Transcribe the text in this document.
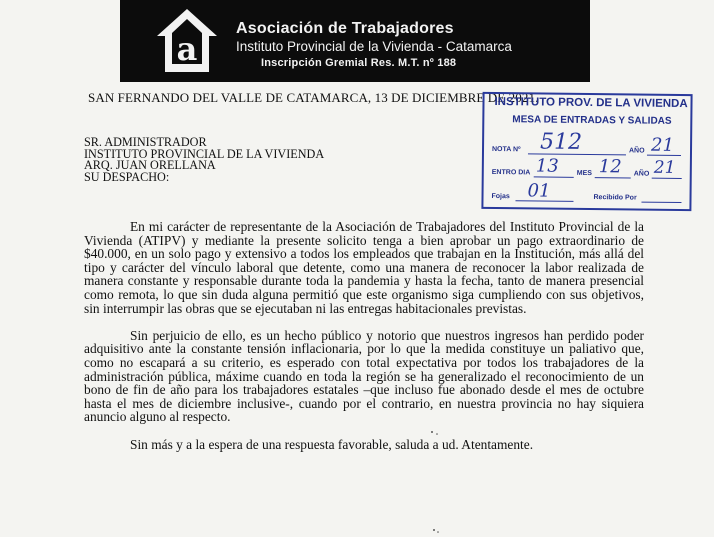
a
Asociación de Trabajadores
Instituto Provincial de la Vivienda - Catamarca
Inscripción Gremial Res. M.T. nº 188
SAN FERNANDO DEL VALLE DE CATAMARCA, 13 DE DICIEMBRE DE 2021.
SR. ADMINISTRADOR
INSTITUTO PROVINCIAL DE LA VIVIENDA
ARQ. JUAN ORELLANA
SU DESPACHO:
INSTITUTO PROV. DE LA VIVIENDA
MESA DE ENTRADAS Y SALIDAS
NOTA Nº 512	AÑO 21
ENTRO DIA 13	MES 12 AÑO 21
Fojas 01	Recibido Por

En mi carácter de representante de la Asociación de Trabajadores del Instituto Provincial de la Vivienda (ATIPV) y mediante la presente solicito tenga a bien aprobar un pago extraordinario de $40.000, en un solo pago y extensivo a todos los empleados que trabajan en la Institución, más allá del tipo y carácter del vínculo laboral que detente, como una manera de reconocer la labor realizada de manera constante y responsable durante toda la pandemia y hasta la fecha, tanto de manera presencial como remota, lo que sin duda alguna permitió que este organismo siga cumpliendo con sus objetivos, sin interrumpir las obras que se ejecutaban ni las entregas habitacionales previstas.

Sin perjuicio de ello, es un hecho público y notorio que nuestros ingresos han perdido poder adquisitivo ante la constante tensión inflacionaria, por lo que la medida constituye un paliativo que, como no escapará a su criterio, es esperado con total expectativa por todos los trabajadores de la administración pública, máxime cuando en toda la región se ha generalizado el reconocimiento de un bono de fin de año para los trabajadores estatales –que incluso fue abonado desde el mes de octubre hasta el mes de diciembre inclusive-, cuando por el contrario, en nuestra provincia no hay siquiera anuncio alguno al respecto.

Sin más y a la espera de una respuesta favorable, saluda a ud. Atentamente.
